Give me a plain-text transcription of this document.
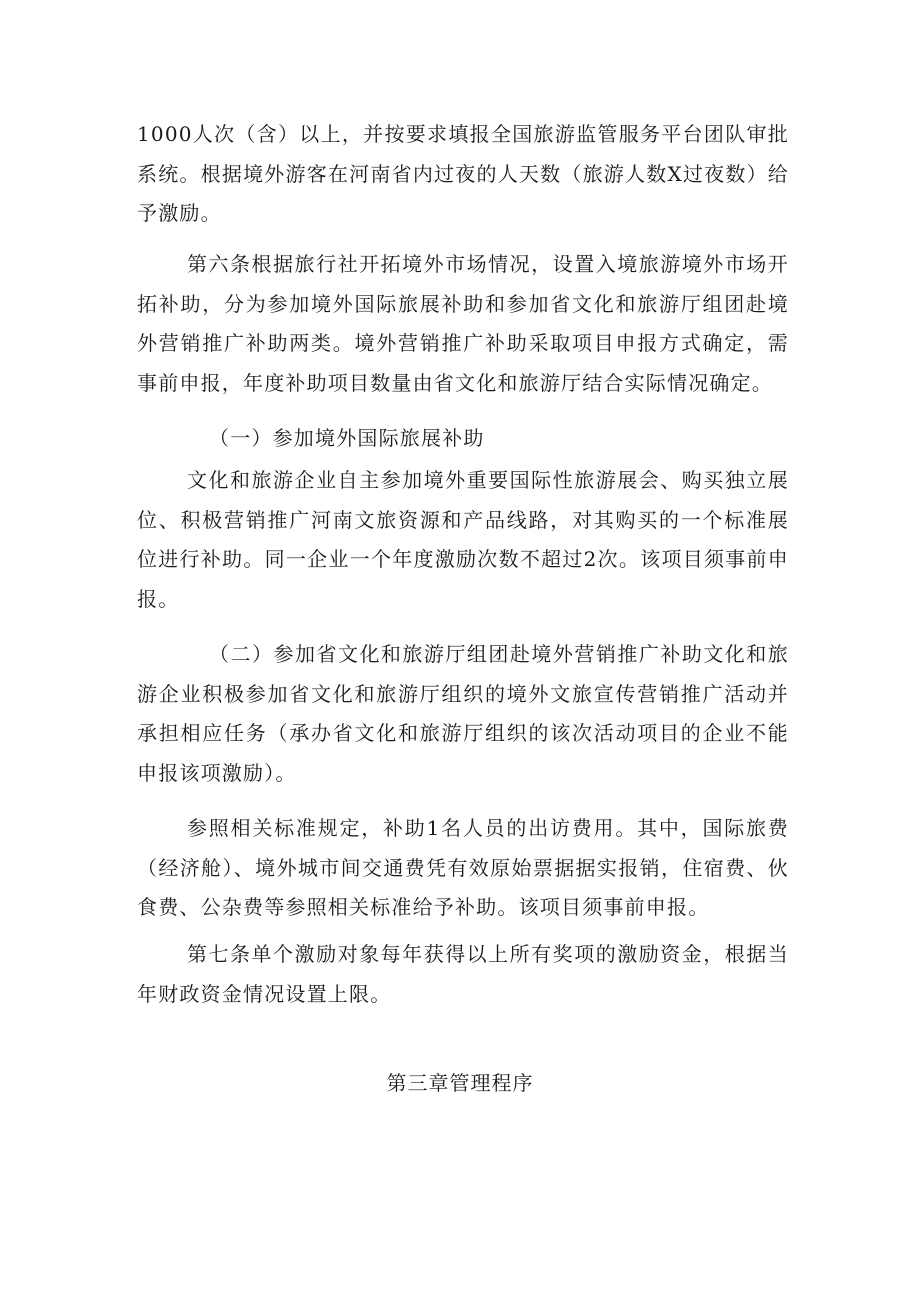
1000人次（含）以上，并按要求填报全国旅游监管服务平台团队审批系统。根据境外游客在河南省内过夜的人天数（旅游人数X过夜数）给予激励。

第六条根据旅行社开拓境外市场情况，设置入境旅游境外市场开拓补助，分为参加境外国际旅展补助和参加省文化和旅游厅组团赴境外营销推广补助两类。境外营销推广补助采取项目申报方式确定，需事前申报，年度补助项目数量由省文化和旅游厅结合实际情况确定。

（一）参加境外国际旅展补助

文化和旅游企业自主参加境外重要国际性旅游展会、购买独立展位、积极营销推广河南文旅资源和产品线路，对其购买的一个标准展位进行补助。同一企业一个年度激励次数不超过2次。该项目须事前申报。

（二）参加省文化和旅游厅组团赴境外营销推广补助文化和旅游企业积极参加省文化和旅游厅组织的境外文旅宣传营销推广活动并承担相应任务（承办省文化和旅游厅组织的该次活动项目的企业不能申报该项激励）。

参照相关标准规定，补助1名人员的出访费用。其中，国际旅费（经济舱）、境外城市间交通费凭有效原始票据据实报销，住宿费、伙食费、公杂费等参照相关标准给予补助。该项目须事前申报。

第七条单个激励对象每年获得以上所有奖项的激励资金，根据当年财政资金情况设置上限。

第三章管理程序
